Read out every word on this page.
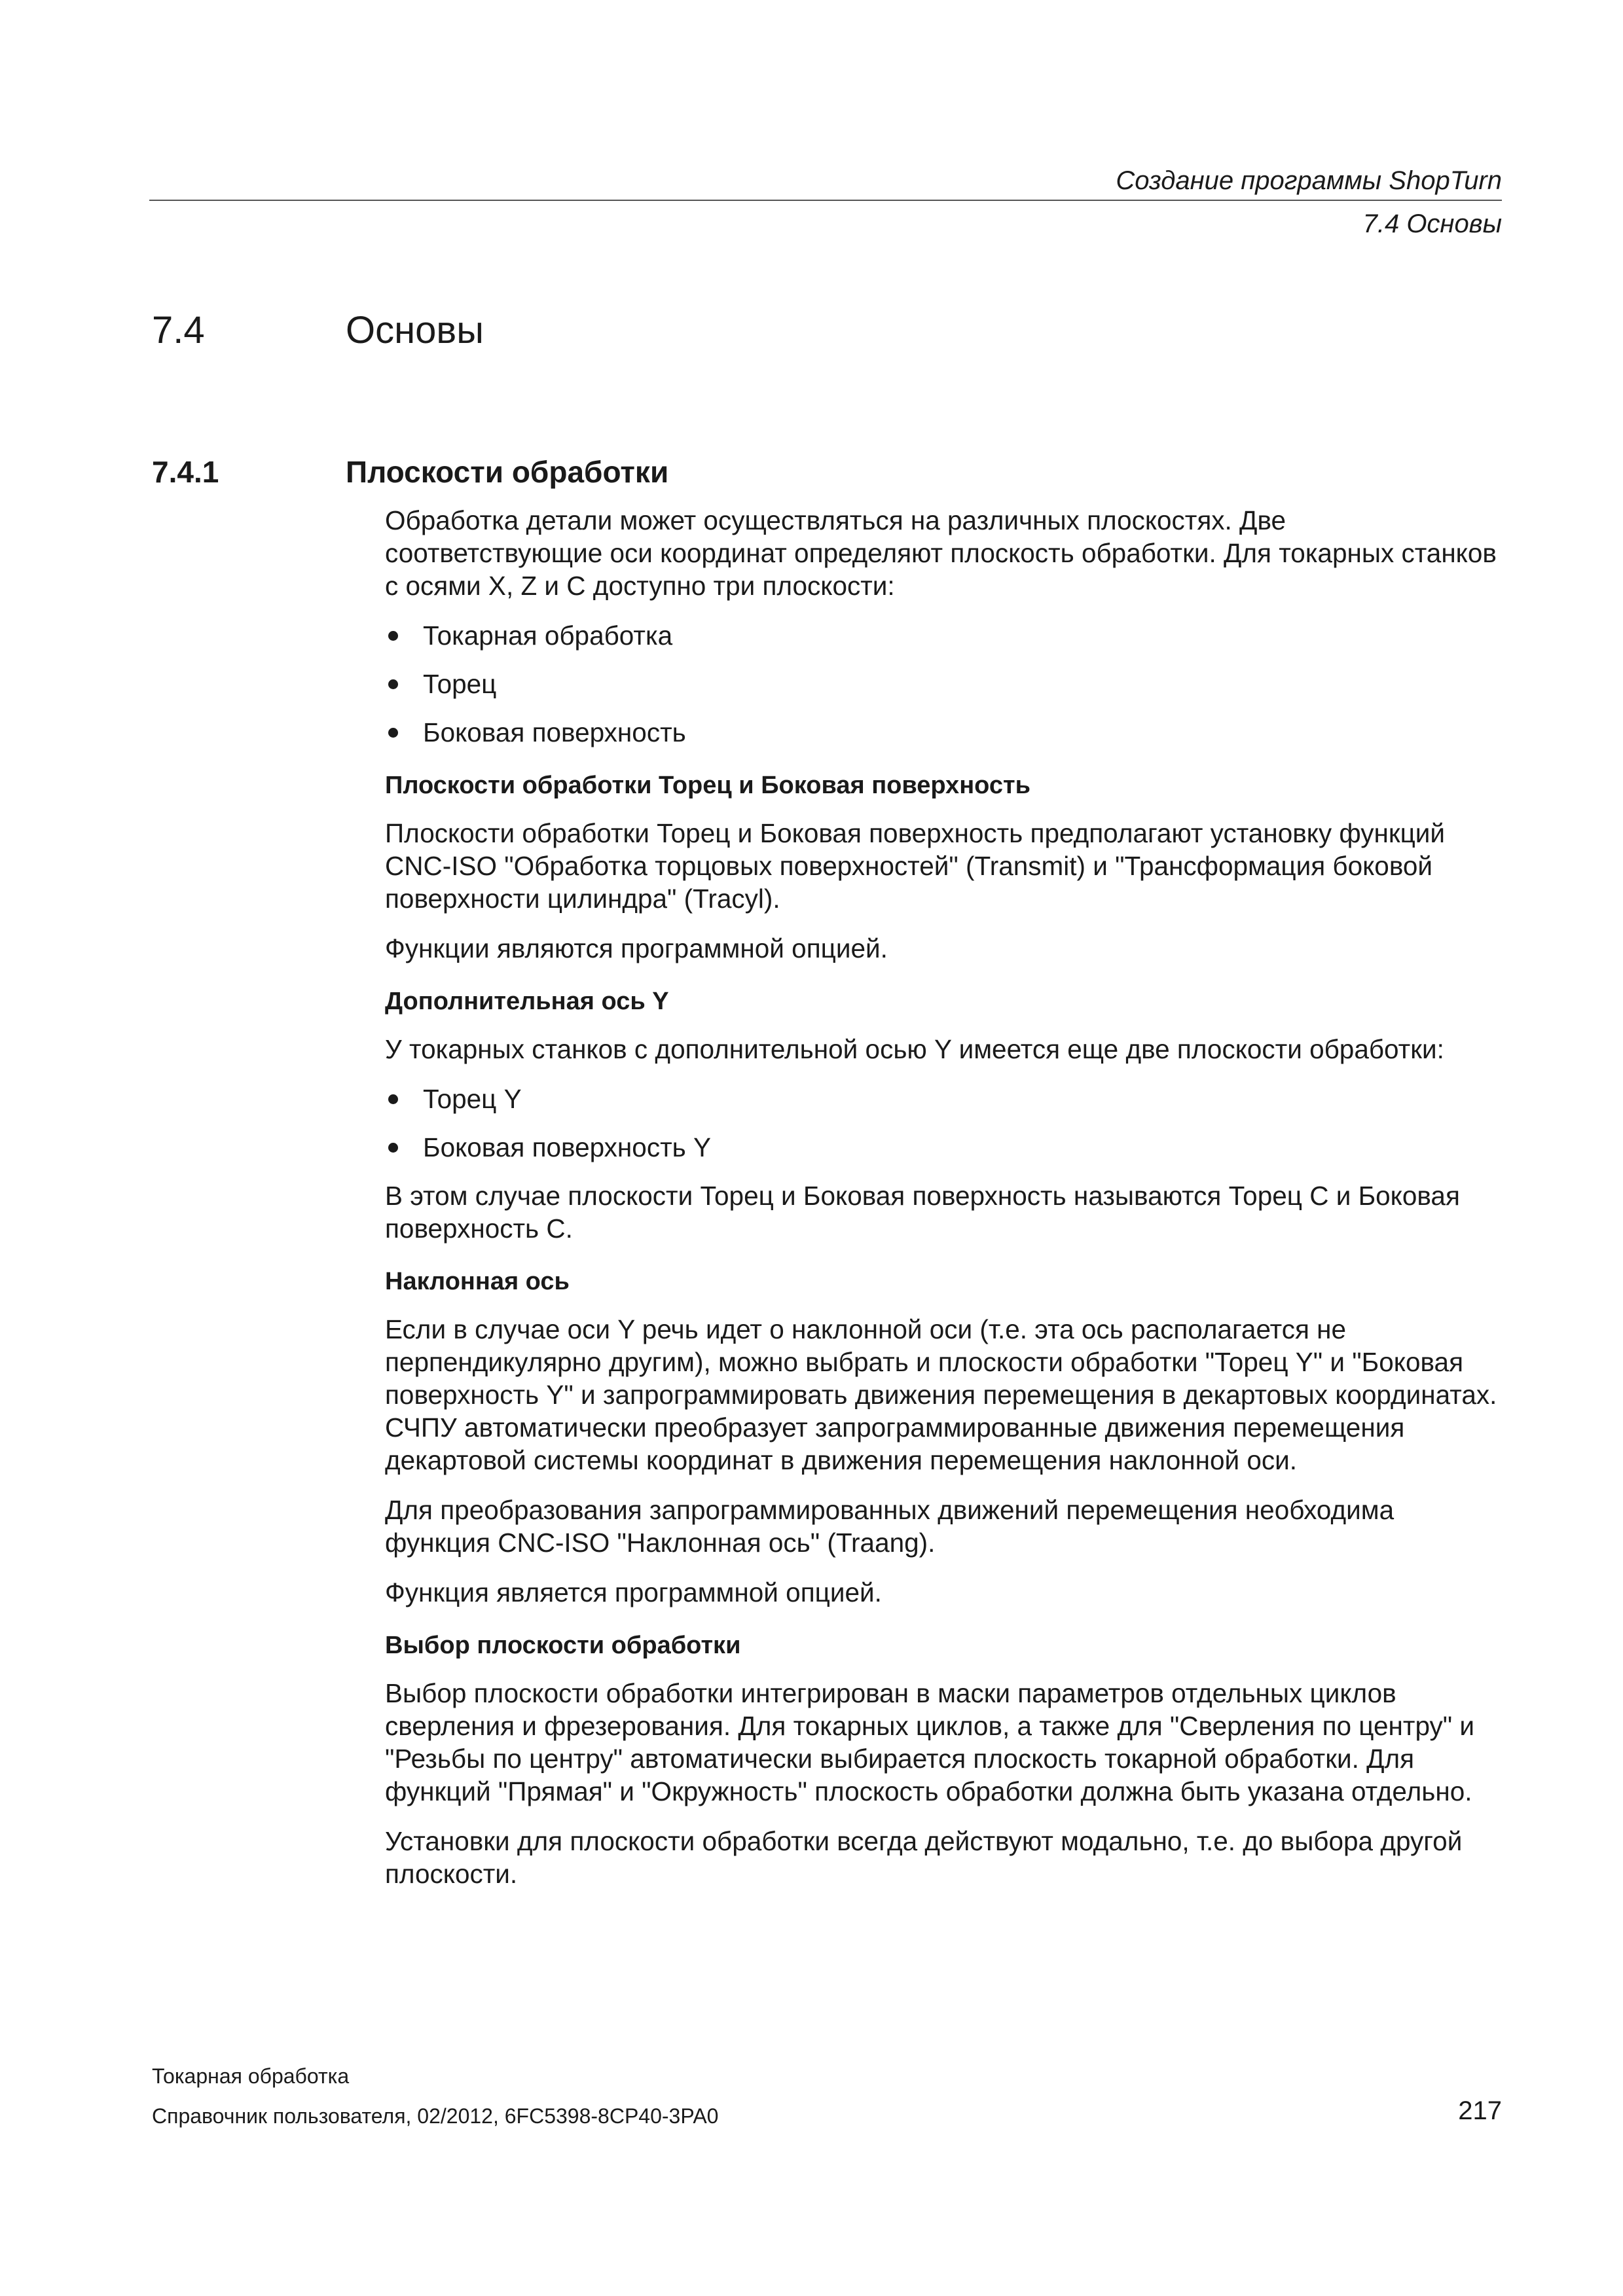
Создание программы ShopTurn
7.4 Основы
7.4	Основы
7.4.1	Плоскости обработки

Обработка детали может осуществляться на различных плоскостях. Две соответствующие оси координат определяют плоскость обработки. Для токарных станков с осями X, Z и C доступно три плоскости:

Токарная обработка
Торец
Боковая поверхность
Плоскости обработки Торец и Боковая поверхность

Плоскости обработки Торец и Боковая поверхность предполагают установку функций CNC-ISO "Обработка торцовых поверхностей" (Transmit) и "Трансформация боковой поверхности цилиндра" (Tracyl).

Функции являются программной опцией.

Дополнительная ось Y

У токарных станков с дополнительной осью Y имеется еще две плоскости обработки:

Торец Y
Боковая поверхность Y

В этом случае плоскости Торец и Боковая поверхность называются Торец C и Боковая поверхность C.

Наклонная ось

Если в случае оси Y речь идет о наклонной оси (т.е. эта ось располагается не перпендикулярно другим), можно выбрать и плоскости обработки "Торец Y" и "Боковая поверхность Y" и запрограммировать движения перемещения в декартовых координатах. СЧПУ автоматически преобразует запрограммированные движения перемещения декартовой системы координат в движения перемещения наклонной оси.

Для преобразования запрограммированных движений перемещения необходима функция CNC-ISO "Наклонная ось" (Traang).

Функция является программной опцией.

Выбор плоскости обработки

Выбор плоскости обработки интегрирован в маски параметров отдельных циклов сверления и фрезерования. Для токарных циклов, а также для "Сверления по центру" и "Резьбы по центру" автоматически выбирается плоскость токарной обработки. Для функций "Прямая" и "Окружность" плоскость обработки должна быть указана отдельно.

Установки для плоскости обработки всегда действуют модально, т.е. до выбора другой плоскости.

Токарная обработка
Справочник пользователя, 02/2012, 6FC5398-8CP40-3PA0	217
